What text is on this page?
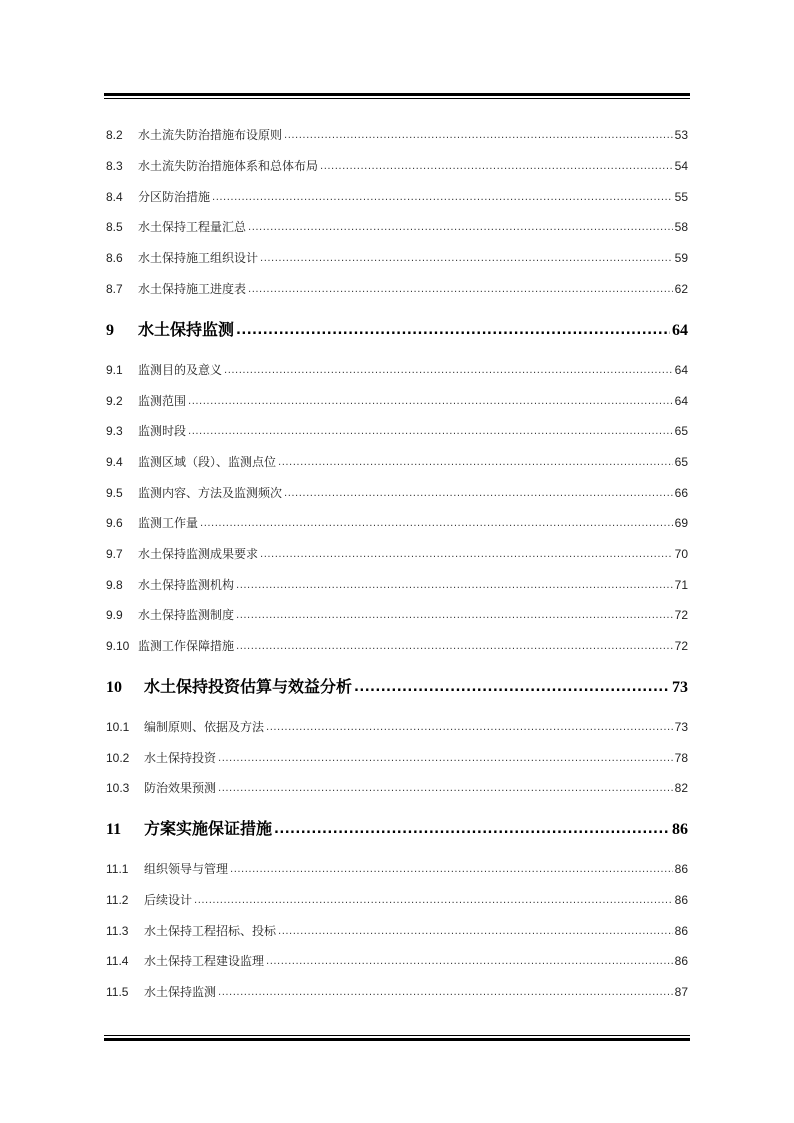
8.2	水土流失防治措施布设原则 .....	53
8.3	水土流失防治措施体系和总体布局 .....	54
8.4	分区防治措施 .....	55
8.5	水土保持工程量汇总 .....	58
8.6	水土保持施工组织设计 .....	59
8.7	水土保持施工进度表 .....	62
9	水土保持监测 .....	64
9.1	监测目的及意义 .....	64
9.2	监测范围 .....	64
9.3	监测时段 .....	65
9.4	监测区域（段）、监测点位 .....	65
9.5	监测内容、方法及监测频次 .....	66
9.6	监测工作量 .....	69
9.7	水土保持监测成果要求 .....	70
9.8	水土保持监测机构 .....	71
9.9	水土保持监测制度 .....	72
9.10 监测工作保障措施 .....	72
10	水土保持投资估算与效益分析 .....	73
10.1	编制原则、依据及方法 .....	73
10.2	水土保持投资 .....	78
10.3	防治效果预测 .....	82
11	方案实施保证措施 .....	86
11.1	组织领导与管理 .....	86
11.2	后续设计 .....	86
11.3	水土保持工程招标、投标 .....	86
11.4	水土保持工程建设监理 .....	86
11.5	水土保持监测 .....	87
